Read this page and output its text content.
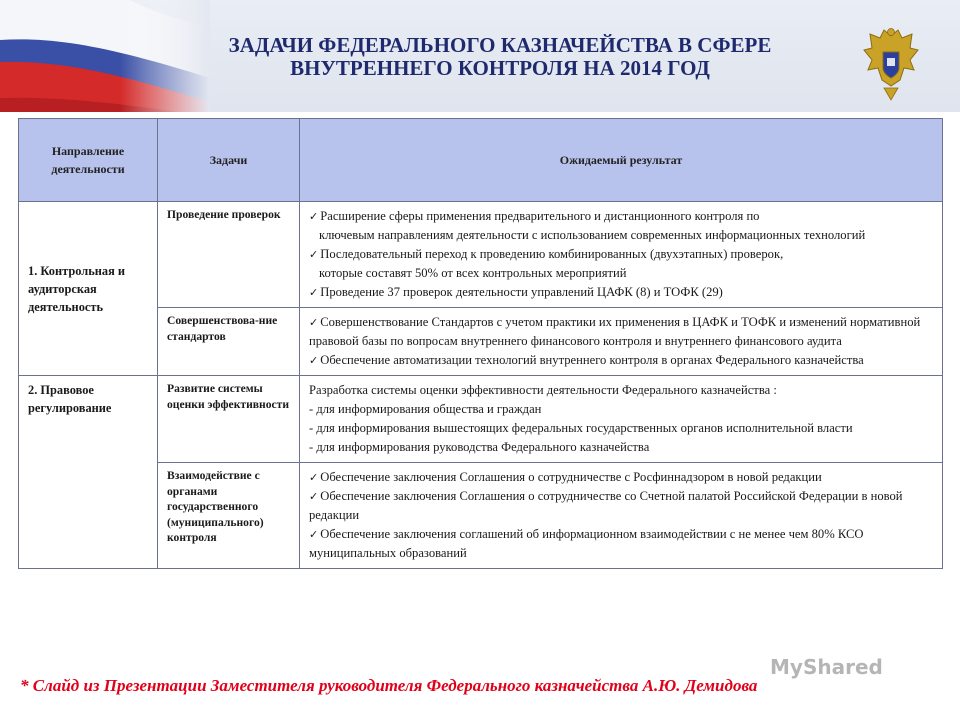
ЗАДАЧИ ФЕДЕРАЛЬНОГО КАЗНАЧЕЙСТВА В СФЕРЕ
ВНУТРЕННЕГО КОНТРОЛЯ НА 2014 ГОД
Направление деятельности	Задачи	Ожидаемый результат
1. Контрольная и аудиторская деятельность	Проведение проверок	✓ Расширение сферы применения предварительного и дистанционного контроля по
ключевым направлениям деятельности с использованием современных информационных технологий
✓ Последовательный переход к проведению комбинированных (двухэтапных) проверок,
которые составят 50% от всех контрольных мероприятий
✓ Проведение 37 проверок деятельности управлений ЦАФК (8) и ТОФК (29)

	Совершенствова-ние стандартов	✓ Совершенствование Стандартов с учетом практики их применения в ЦАФК и ТОФК и изменений нормативной правовой базы по вопросам внутреннего финансового контроля и внутреннего финансового аудита
✓ Обеспечение автоматизации технологий внутреннего контроля в органах Федерального казначейства

2. Правовое регулирование	Развитие системы оценки эффективности	Разработка системы оценки эффективности деятельности Федерального казначейства :
- для информирования общества и граждан
- для информирования вышестоящих федеральных государственных органов исполнительной власти
- для информирования руководства Федерального казначейства

	Взаимодействие с органами государственного (муниципального) контроля	✓ Обеспечение заключения Соглашения о сотрудничестве с Росфиннадзором в новой редакции
✓ Обеспечение заключения Соглашения о сотрудничестве со Счетной палатой Российской Федерации в новой редакции
✓ Обеспечение заключения соглашений об информационном взаимодействии с не менее чем 80% КСО муниципальных образований
MyShared
* Слайд из Презентации Заместителя руководителя Федерального казначейства А.Ю. Демидова
